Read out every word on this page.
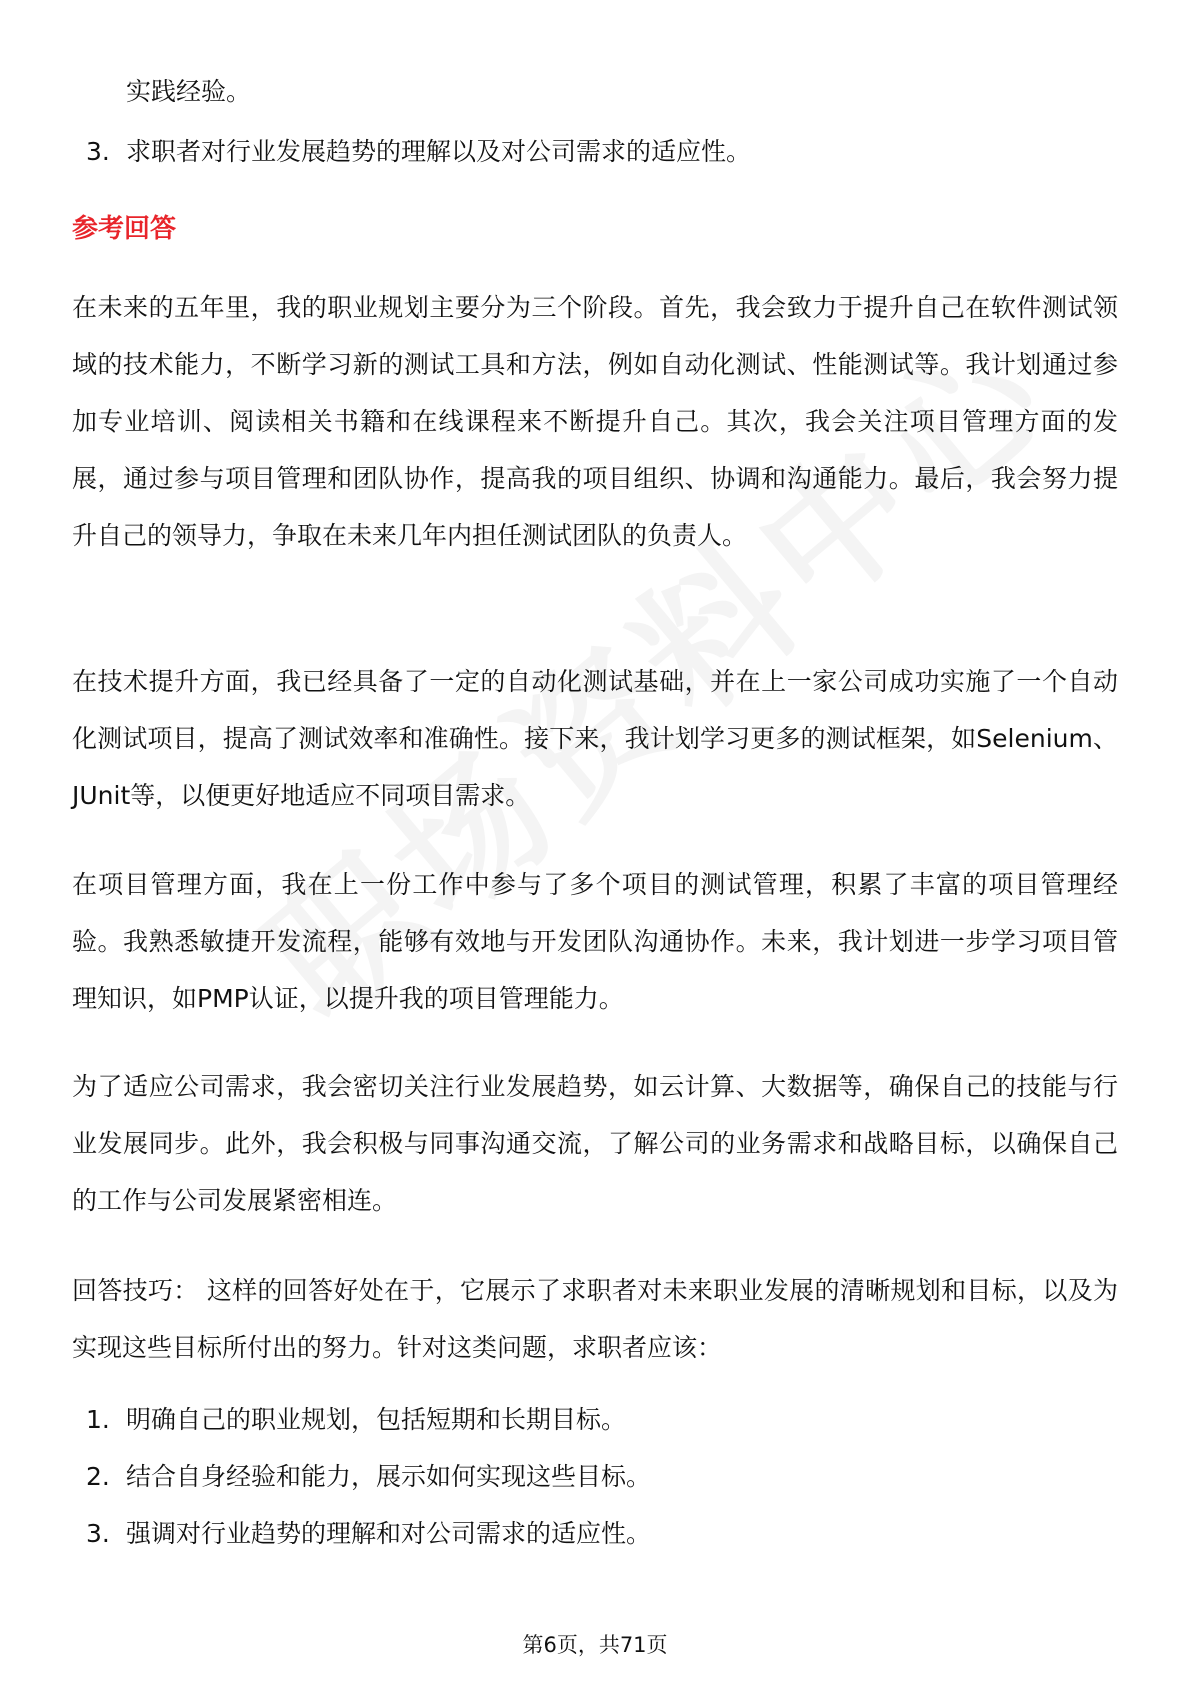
实践经验。
3. 求职者对行业发展趋势的理解以及对公司需求的适应性。
参考回答

在未来的五年里，我的职业规划主要分为三个阶段。首先，我会致力于提升自己在软件测试领域的技术能力，不断学习新的测试工具和方法，例如自动化测试、性能测试等。我计划通过参加专业培训、阅读相关书籍和在线课程来不断提升自己。其次，我会关注项目管理方面的发展，通过参与项目管理和团队协作，提高我的项目组织、协调和沟通能力。最后，我会努力提升自己的领导力，争取在未来几年内担任测试团队的负责人。

在技术提升方面，我已经具备了一定的自动化测试基础，并在上一家公司成功实施了一个自动化测试项目，提高了测试效率和准确性。接下来，我计划学习更多的测试框架，如Selenium、JUnit等，以便更好地适应不同项目需求。

在项目管理方面，我在上一份工作中参与了多个项目的测试管理，积累了丰富的项目管理经验。我熟悉敏捷开发流程，能够有效地与开发团队沟通协作。未来，我计划进一步学习项目管理知识，如PMP认证，以提升我的项目管理能力。

为了适应公司需求，我会密切关注行业发展趋势，如云计算、大数据等，确保自己的技能与行业发展同步。此外，我会积极与同事沟通交流，了解公司的业务需求和战略目标，以确保自己的工作与公司发展紧密相连。

回答技巧： 这样的回答好处在于，它展示了求职者对未来职业发展的清晰规划和目标，以及为实现这些目标所付出的努力。针对这类问题，求职者应该：

1. 明确自己的职业规划，包括短期和长期目标。
2. 结合自身经验和能力，展示如何实现这些目标。
3. 强调对行业趋势的理解和对公司需求的适应性。
第6页，共71页
